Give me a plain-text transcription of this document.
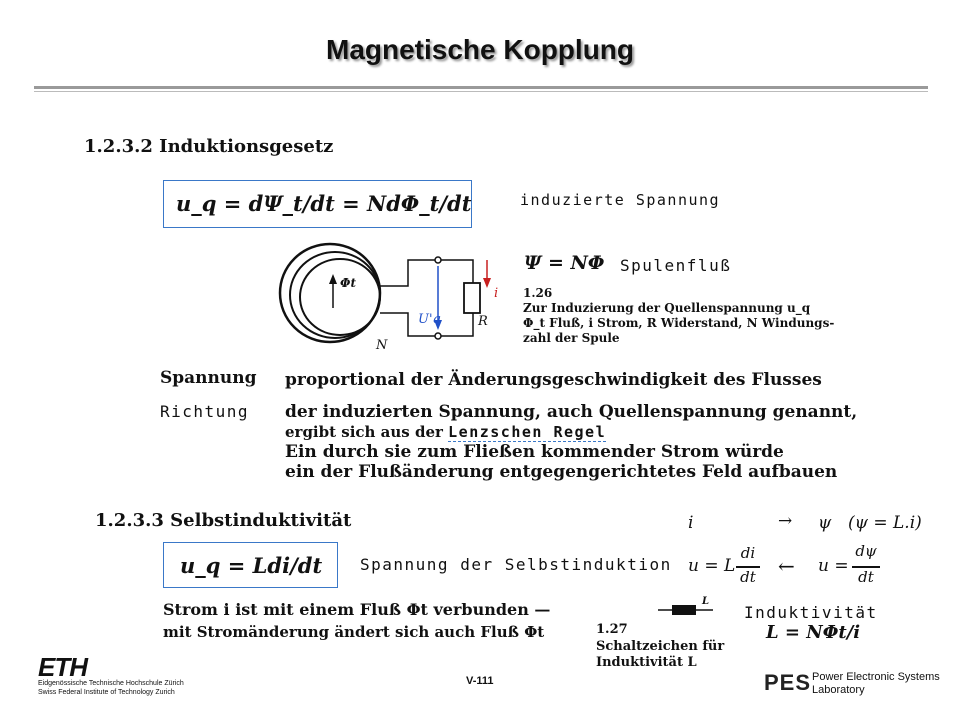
Magnetische Kopplung
1.2.3.2 Induktionsgesetz
u_q = dΨ_t/dt = NdΦ_t/dt	induzierte Spannung
Φt
i
U'q	R
N
Ψ = NΦ Spulenfluß
1.26
Zur Induzierung der Quellenspannung u_q
Φ_t Fluß, i Strom, R Widerstand, N Windungs-
zahl der Spule
Spannung proportional der Änderungsgeschwindigkeit des Flusses
Richtung der induzierten Spannung, auch Quellenspannung genannt,
ergibt sich aus der Lenzschen Regel
Ein durch sie zum Fließen kommender Strom würde
ein der Flußänderung entgegengerichtetes Feld aufbauen
1.2.3.3 Selbstinduktivität
u_q = Ldi/dt Spannung der Selbstinduktion
i	→ ψ (ψ = L.i)
u = L
di
dt ← u =
dψ
dt
Strom i ist mit einem Fluß Φt verbunden —
mit Stromänderung ändert sich auch Fluß Φt
L
1.27
Schaltzeichen für
Induktivität L
Induktivität
L = NΦt/i
ETH
Eidgenössische Technische Hochschule Zürich
Swiss Federal Institute of Technology Zurich
V-111	PES Power Electronic Systems
Laboratory
